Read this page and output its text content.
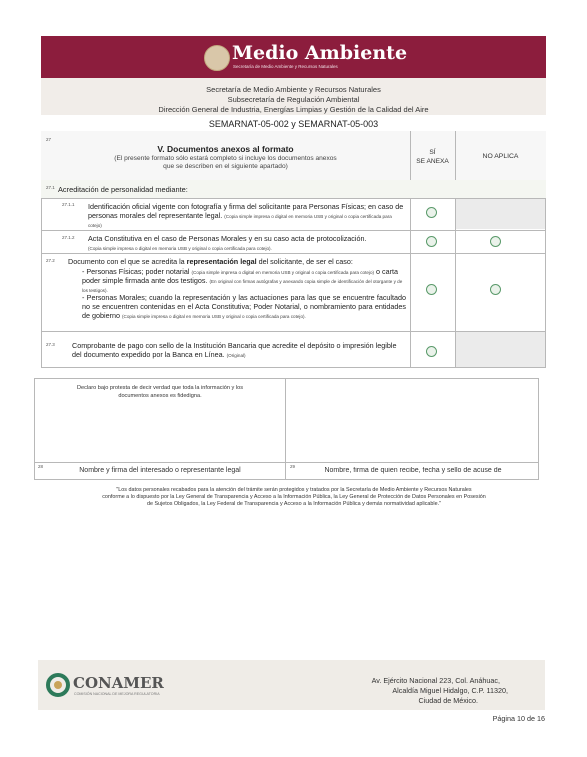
Medio Ambiente
Secretaría de Medio Ambiente y Recursos Naturales
Secretaría de Medio Ambiente y Recursos Naturales
Subsecretaría de Regulación Ambiental
Dirección General de Industria, Energías Limpias y Gestión de la Calidad del Aire
SEMARNAT-05-002 y SEMARNAT-05-003
27
V. Documentos anexos al formato
(El presente formato sólo estará completo si incluye los documentos anexos
que se describen en el siguiente apartado)
SÍ
SE ANEXA
NO APLICA
27.1 Acreditación de personalidad mediante:
27.1.1 Identificación oficial vigente con fotografía y firma del solicitante para Personas Físicas; en caso de personas morales del representante legal. (Copia simple impresa o digital en memoria USB y original o copia certificada para cotejo)
27.1.2 Acta Constitutiva en el caso de Personas Morales y en su caso acta de protocolización.
(Copia simple impresa o digital en memoria USB y original o copia certificada para cotejo).
27.2 Documento con el que se acredita la representación legal del solicitante, de ser el caso:
- Personas Físicas; poder notarial (Copia simple impresa o digital en memoria USB y original o copia certificada para cotejo) o carta poder simple firmada ante dos testigos. (En original con firmas autógrafas y anexando copia simple de identificación del otorgante y de los testigos).
- Personas Morales; cuando la representación y las actuaciones para las que se encuentre facultado no se encuentren contenidas en el Acta Constitutiva; Poder Notarial, o nombramiento para entidades de gobierno (Copia simple impresa o digital en memoria USB y original o copia certificada para cotejo).
27.3 Comprobante de pago con sello de la Institución Bancaria que acredite el depósito o impresión legible del documento expedido por la Banca en Línea. (Original)
Declaro bajo protesta de decir verdad que toda la información y los
documentos anexos es fidedigna.
28
Nombre y firma del interesado o representante legal
29
Nombre, firma de quien recibe, fecha y sello de acuse de
"Los datos personales recabados para la atención del trámite serán protegidos y tratados por la Secretaría de Medio Ambiente y Recursos Naturales
conforme a lo dispuesto por la Ley General de Transparencia y Acceso a la Información Pública, la Ley General de Protección de Datos Personales en Posesión
de Sujetos Obligados, la Ley Federal de Transparencia y Acceso a la Información Pública y demás normatividad aplicable."
CONAMER
COMISIÓN NACIONAL DE MEJORA REGULATORIA
Av. Ejército Nacional 223, Col. Anáhuac,
Alcaldía Miguel Hidalgo, C.P. 11320,
Ciudad de México.
Página 10 de 16
